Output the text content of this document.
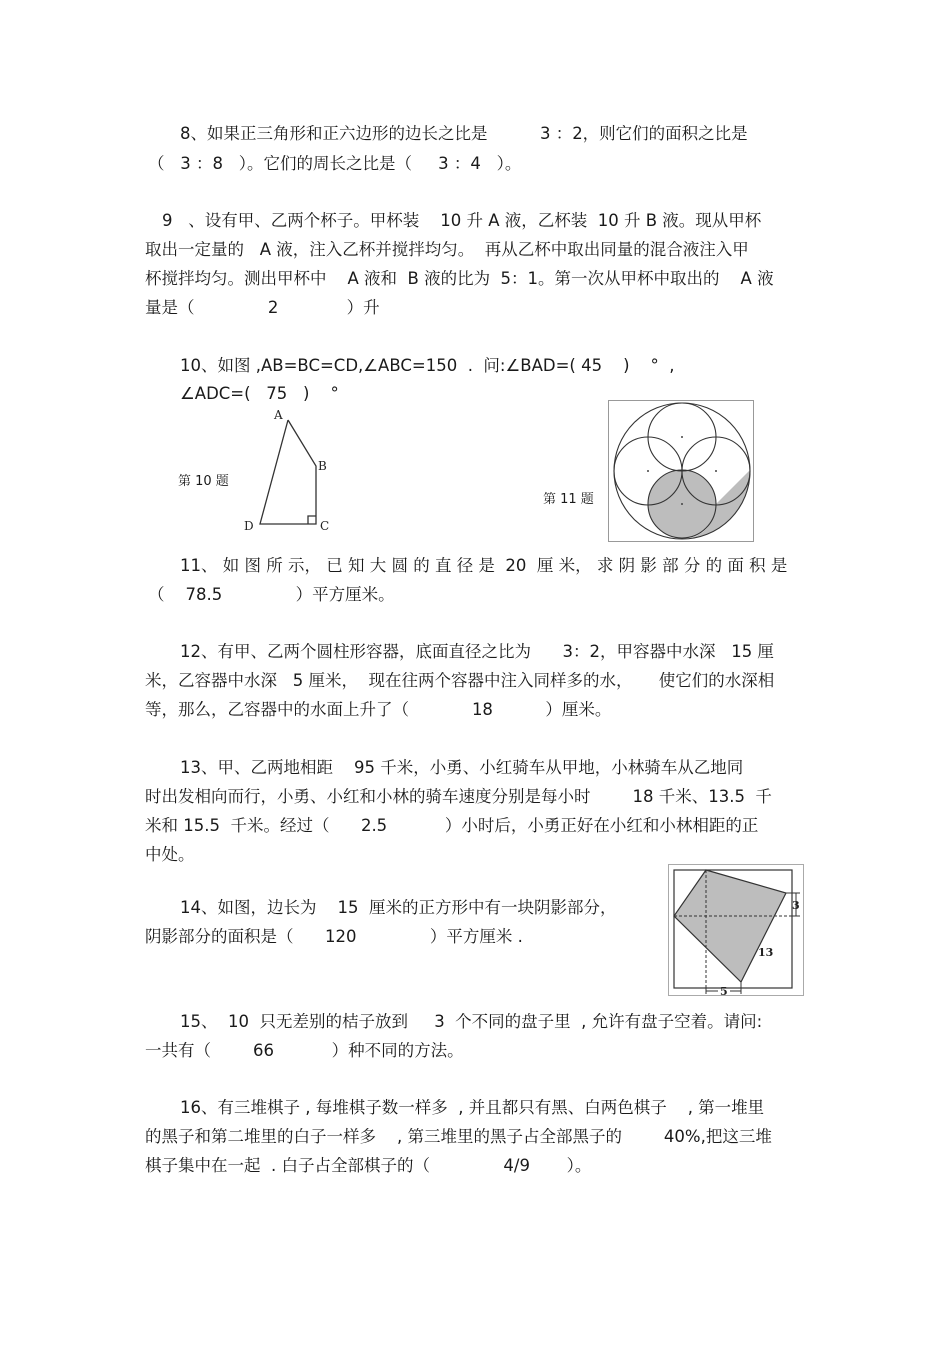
8、如果正三角形和正六边形的边长之比是          3 ：2，则它们的面积之比是
（   3 ：8   ）。它们的周长之比是（     3 ：4   ）。
9   、设有甲、乙两个杯子。甲杯装    10 升 A 液，乙杯装  10 升 B 液。现从甲杯
取出一定量的   A 液，注入乙杯并搅拌均匀。  再从乙杯中取出同量的混合液注入甲
杯搅拌均匀。测出甲杯中    A 液和  B 液的比为  5：1。第一次从甲杯中取出的    A 液
量是（              2             ）升
10、如图 ,AB=BC=CD,∠ABC=150  .  问:∠BAD=( 45    )    °  ,
∠ADC=(   75   )    °
第 10 题
A
B
C
D
第 11 题
11、 如 图 所 示， 已 知 大 圆 的 直 径 是  20  厘 米， 求 阴 影 部 分 的 面 积 是
（    78.5              ）平方厘米。
12、有甲、乙两个圆柱形容器，底面直径之比为      3：2，甲容器中水深   15 厘
米，乙容器中水深   5 厘米，  现在往两个容器中注入同样多的水，     使它们的水深相
等，那么，乙容器中的水面上升了（            18          ）厘米。
13、甲、乙两地相距    95 千米，小勇、小红骑车从甲地，小林骑车从乙地同
时出发相向而行，小勇、小红和小林的骑车速度分别是每小时        18 千米、13.5  千
米和 15.5  千米。经过（      2.5           ）小时后，小勇正好在小红和小林相距的正
中处。
14、如图，边长为    15  厘米的正方形中有一块阴影部分，
阴影部分的面积是（      120              ）平方厘米 .
3
13
5
15、  10  只无差别的桔子放到     3  个不同的盘子里  , 允许有盘子空着。请问:
一共有（        66           ）种不同的方法。
16、有三堆棋子 , 每堆棋子数一样多  , 并且都只有黑、白两色棋子    , 第一堆里
的黑子和第二堆里的白子一样多    , 第三堆里的黑子占全部黑子的        40%,把这三堆
棋子集中在一起  . 白子占全部棋子的（              4/9       ）。
